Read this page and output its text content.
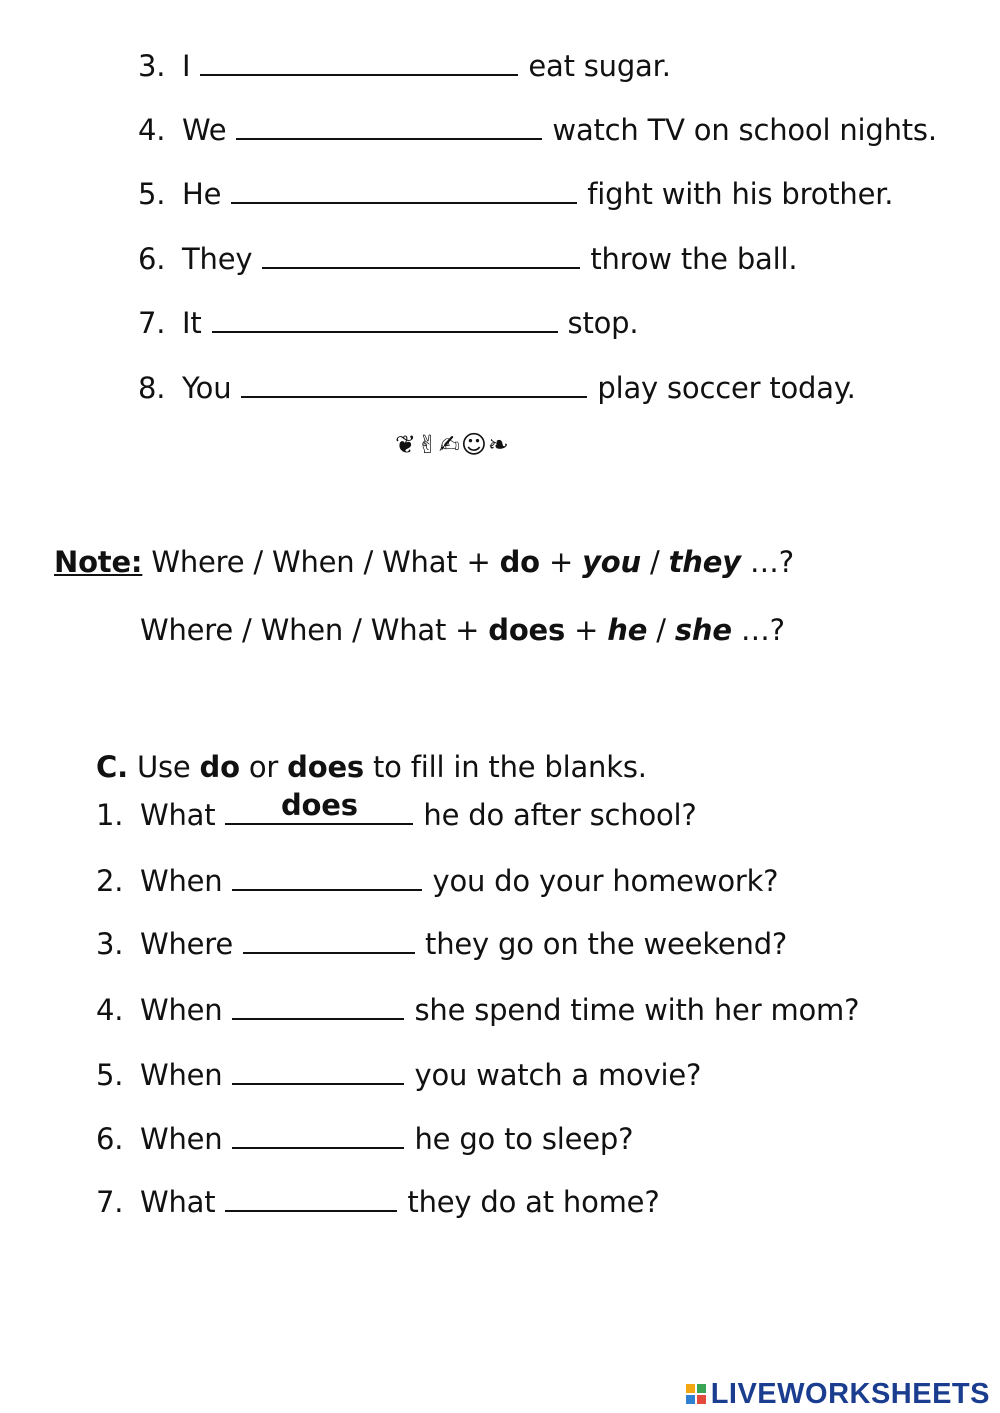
3. I	eat sugar.
4. We	watch TV on school nights.
5. He	fight with his brother.
6. They	throw the ball.
7. It	stop.
8. You	play soccer today.
❦✌✍☺❧
Note: Where / When / What + do + you / they …?
Where / When / What + does + he / she …?
C. Use do or does to fill in the blanks.
1. What	does	he do after school?
2. When	you do your homework?
3. Where	they go on the weekend?
4. When	she spend time with her mom?
5. When	you watch a movie?
6. When	he go to sleep?
7. What	they do at home?
LIVEWORKSHEETS
